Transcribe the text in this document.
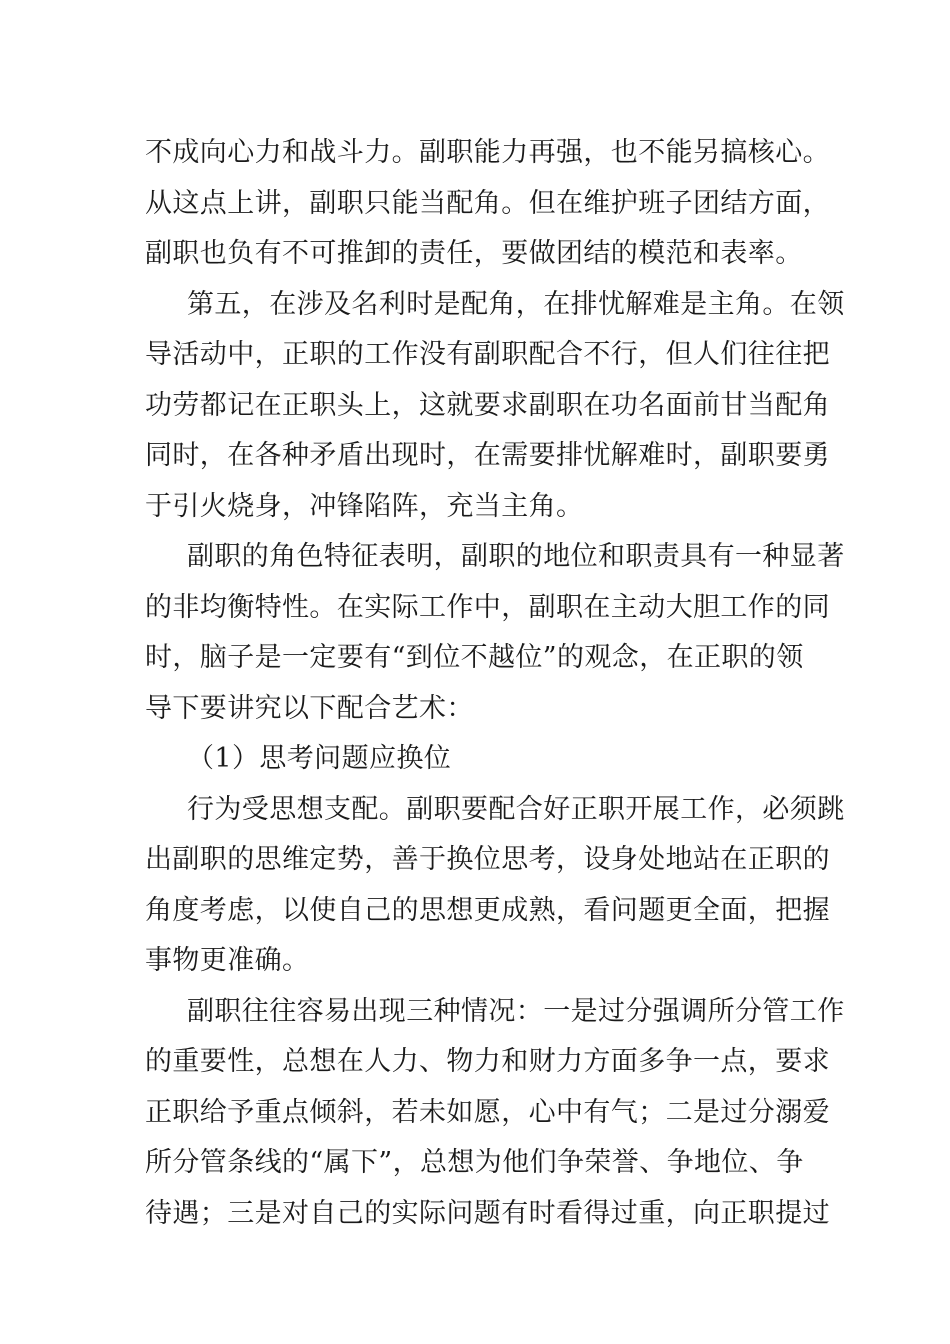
不成向心力和战斗力。副职能力再强，也不能另搞核心。
从这点上讲，副职只能当配角。但在维护班子团结方面，
副职也负有不可推卸的责任，要做团结的模范和表率。
第五，在涉及名利时是配角，在排忧解难是主角。在领
导活动中，正职的工作没有副职配合不行，但人们往往把
功劳都记在正职头上，这就要求副职在功名面前甘当配角
同时，在各种矛盾出现时，在需要排忧解难时，副职要勇
于引火烧身，冲锋陷阵，充当主角。
副职的角色特征表明，副职的地位和职责具有一种显著
的非均衡特性。在实际工作中，副职在主动大胆工作的同
时，脑子是一定要有“到位不越位”的观念，在正职的领
导下要讲究以下配合艺术：
（1）思考问题应换位
行为受思想支配。副职要配合好正职开展工作，必须跳
出副职的思维定势，善于换位思考，设身处地站在正职的
角度考虑，以使自己的思想更成熟，看问题更全面，把握
事物更准确。
副职往往容易出现三种情况：一是过分强调所分管工作
的重要性，总想在人力、物力和财力方面多争一点，要求
正职给予重点倾斜，若未如愿，心中有气；二是过分溺爱
所分管条线的“属下”，总想为他们争荣誉、争地位、争
待遇；三是对自己的实际问题有时看得过重，向正职提过
